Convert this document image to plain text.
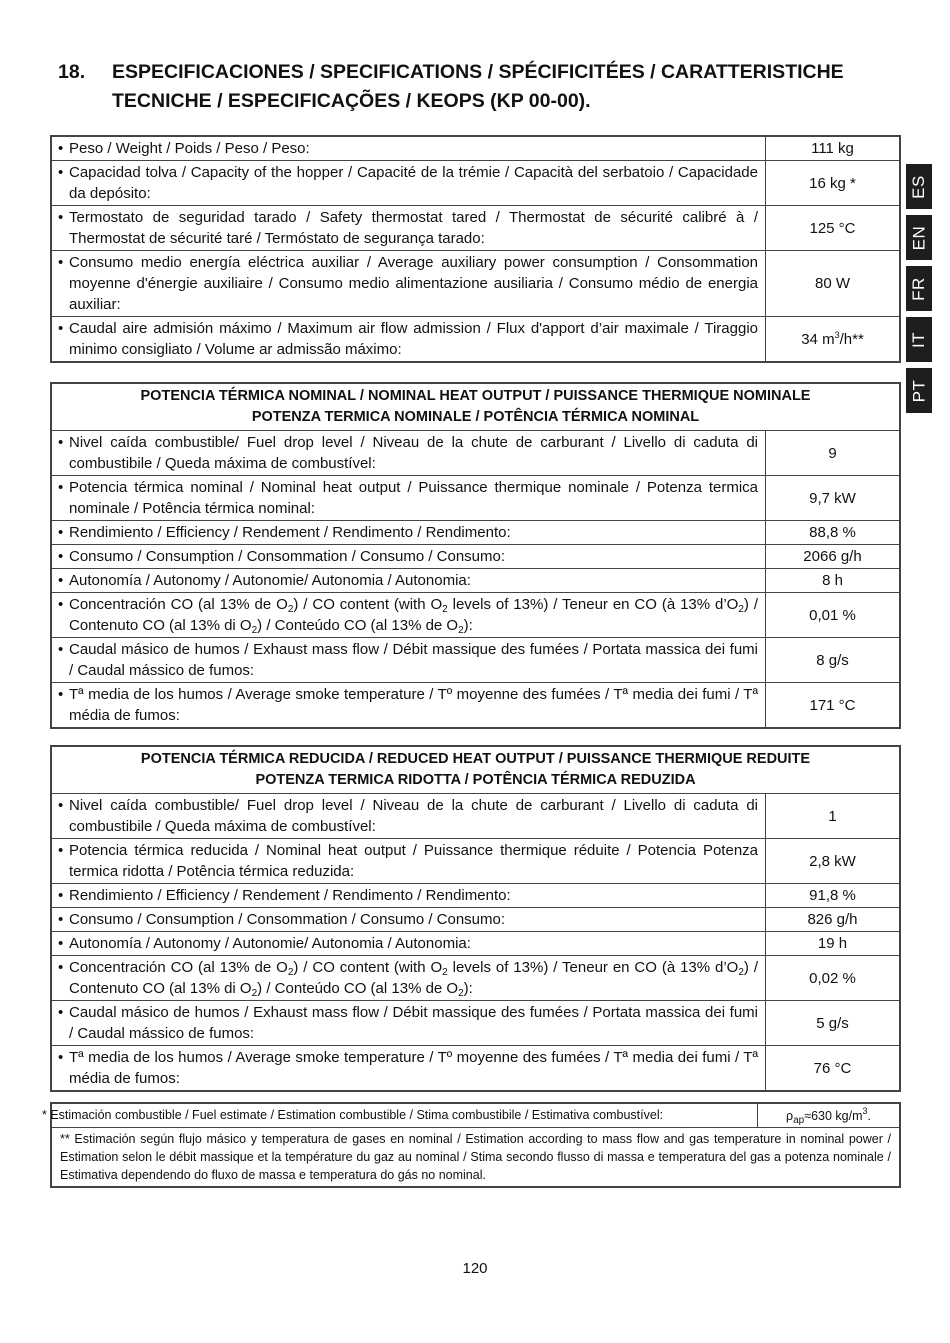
18. ESPECIFICACIONES / SPECIFICATIONS / SPÉCIFICITÉES / CARATTERISTICHE TECNICHE / ESPECIFICAÇÕES / KEOPS (KP 00-00).
• Peso / Weight / Poids / Peso / Peso:	111 kg
• Capacidad tolva / Capacity of the hopper / Capacité de la trémie / Capacità del serbatoio / Capacidade da depósito:	16 kg *
• Termostato de seguridad tarado / Safety thermostat tared / Thermostat de sécurité calibré à / Thermostat de sécurité taré / Termóstato de segurança tarado:	125 °C
• Consumo medio energía eléctrica auxiliar / Average auxiliary power consumption / Consommation moyenne d'énergie auxiliaire / Consumo medio alimentazione ausiliaria / Consumo médio de energia auxiliar:	80 W
• Caudal aire admisión máximo / Maximum air flow admission / Flux d'apport d’air maximale / Tiraggio minimo consigliato / Volume ar admissão máximo:	34 $m^3/h**$
POTENCIA TÉRMICA NOMINAL / NOMINAL HEAT OUTPUT / PUISSANCE THERMIQUE NOMINALE
POTENZA TERMICA NOMINALE / POTÊNCIA TÉRMICA NOMINAL	

• Nivel caída combustible/ Fuel drop level / Niveau de la chute de carburant / Livello di caduta di combustibile / Queda máxima de combustível:	9
• Potencia térmica nominal / Nominal heat output / Puissance thermique nominale / Potenza termica nominale / Potência térmica nominal:	9,7 kW
• Rendimiento / Efficiency / Rendement / Rendimento / Rendimento:	88,8 %
• Consumo / Consumption / Consommation / Consumo / Consumo:	2066 g/h
• Autonomía / Autonomy / Autonomie/ Autonomia / Autonomia:	8 h
• Concentración CO (al 13% de $O_2$) / CO content (with $O_2$ levels of 13%) / Teneur en CO (à 13% $d’O_2$) / Contenuto CO (al 13% di $O_2$) / Conteúdo CO (al 13% de $O_2$):	0,01 %
• Caudal másico de humos / Exhaust mass flow / Débit massique des fumées / Portata massica dei fumi / Caudal mássico de fumos:	8 g/s
• Tª media de los humos / Average smoke temperature / Tº moyenne des fumées / Tª media dei fumi / Tª média de fumos:	171 °C
POTENCIA TÉRMICA REDUCIDA / REDUCED HEAT OUTPUT / PUISSANCE THERMIQUE REDUITE
POTENZA TERMICA RIDOTTA / POTÊNCIA TÉRMICA REDUZIDA	

• Nivel caída combustible/ Fuel drop level / Niveau de la chute de carburant / Livello di caduta di combustibile / Queda máxima de combustível:	1
• Potencia térmica reducida / Nominal heat output / Puissance thermique réduite / Potencia Potenza termica ridotta / Potência térmica reduzida:	2,8 kW
• Rendimiento / Efficiency / Rendement / Rendimento / Rendimento:	91,8 %
• Consumo / Consumption / Consommation / Consumo / Consumo:	826 g/h
• Autonomía / Autonomy / Autonomie/ Autonomia / Autonomia:	19 h
• Concentración CO (al 13% de $O_2$) / CO content (with $O_2$ levels of 13%) / Teneur en CO (à 13% $d’O_2$) / Contenuto CO (al 13% di $O_2$) / Conteúdo CO (al 13% de $O_2$):	0,02 %
• Caudal másico de humos / Exhaust mass flow / Débit massique des fumées / Portata massica dei fumi / Caudal mássico de fumos:	5 g/s
• Tª media de los humos / Average smoke temperature / Tº moyenne des fumées / Tª media dei fumi / Tª média de fumos:	76 °C
* Estimación combustible / Fuel estimate / Estimation combustible / Stima combustibile / Estimativa combustível:	$\rho_{ap}\approx 630$ $kg/m^3$.
** Estimación según flujo másico y temperatura de gases en nominal / Estimation according to mass flow and gas temperature in nominal power / Estimation selon le débit massique et la température du gaz au nominal / Stima secondo flusso di massa e temperatura del gas a potenza nominale / Estimativa dependendo do fluxo de massa e temperatura do gás no nominal.
ES
EN
FR
IT
PT
120
